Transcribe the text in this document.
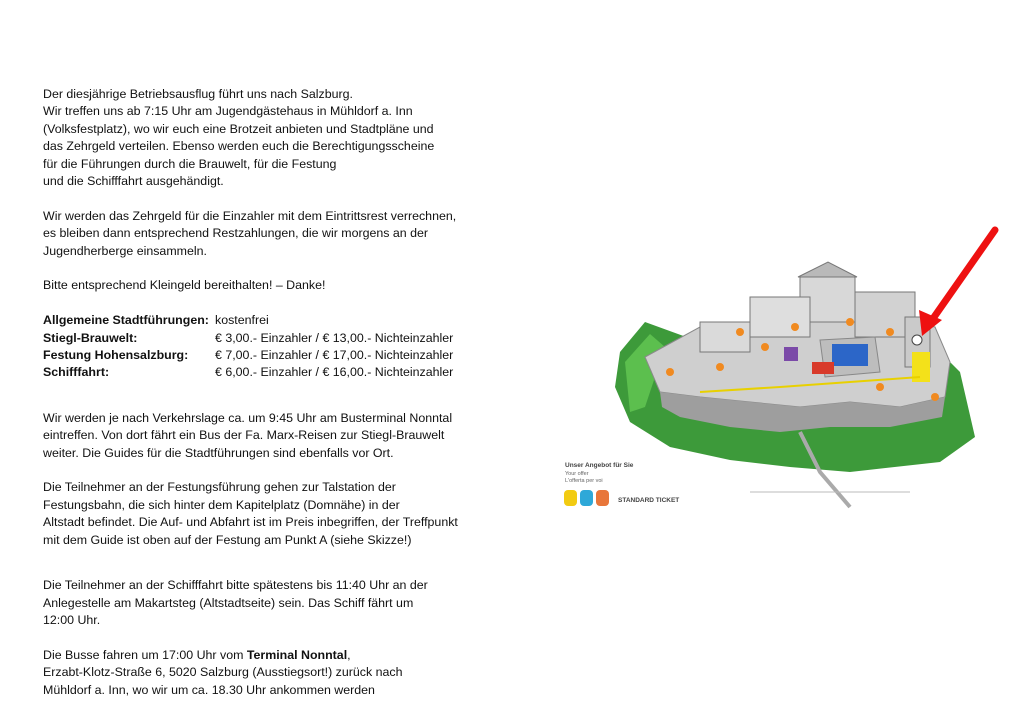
Der diesjährige Betriebsausflug führt uns nach Salzburg.

Wir treffen uns ab 7:15 Uhr am Jugendgästehaus in Mühldorf a. Inn

(Volksfestplatz), wo wir euch eine Brotzeit anbieten und Stadtpläne und

das Zehrgeld verteilen. Ebenso werden euch die Berechtigungsscheine

für die Führungen durch die Brauwelt, für die Festung

und die Schifffahrt ausgehändigt.

Wir werden das Zehrgeld für die Einzahler mit dem Eintrittsrest verrechnen,

es bleiben dann entsprechend Restzahlungen, die wir morgens an der

Jugendherberge einsammeln.

Bitte entsprechend Kleingeld bereithalten! – Danke!

Allgemeine Stadtführungen:	kostenfrei
Stiegl-Brauwelt:	€ 3,00.- Einzahler / € 13,00.- Nichteinzahler
Festung Hohensalzburg:	€ 7,00.- Einzahler / € 17,00.- Nichteinzahler
Schifffahrt:	€ 6,00.- Einzahler / € 16,00.- Nichteinzahler

Wir werden je nach Verkehrslage ca. um 9:45 Uhr am Busterminal Nonntal

eintreffen. Von dort fährt ein Bus der Fa. Marx-Reisen zur Stiegl-Brauwelt

weiter. Die Guides für die Stadtführungen sind ebenfalls vor Ort.

Die Teilnehmer an der Festungsführung gehen zur Talstation der

Festungsbahn, die sich hinter dem Kapitelplatz (Domnähe) in der

Altstadt befindet. Die Auf- und Abfahrt ist im Preis inbegriffen, der Treffpunkt

mit dem Guide ist oben auf der Festung am Punkt A (siehe Skizze!)

Die Teilnehmer an der Schifffahrt bitte spätestens bis 11:40 Uhr an der

Anlegestelle am Makartsteg (Altstadtseite) sein. Das Schiff fährt um

12:00 Uhr.

Die Busse fahren um 17:00 Uhr vom Terminal Nonntal,

Erzabt-Klotz-Straße 6, 5020 Salzburg (Ausstiegsort!) zurück nach

Mühldorf a. Inn, wo wir um ca. 18.30 Uhr ankommen werden

Unser Angebot für Sie
Your offer
L'offerta per voi
STANDARD TICKET
